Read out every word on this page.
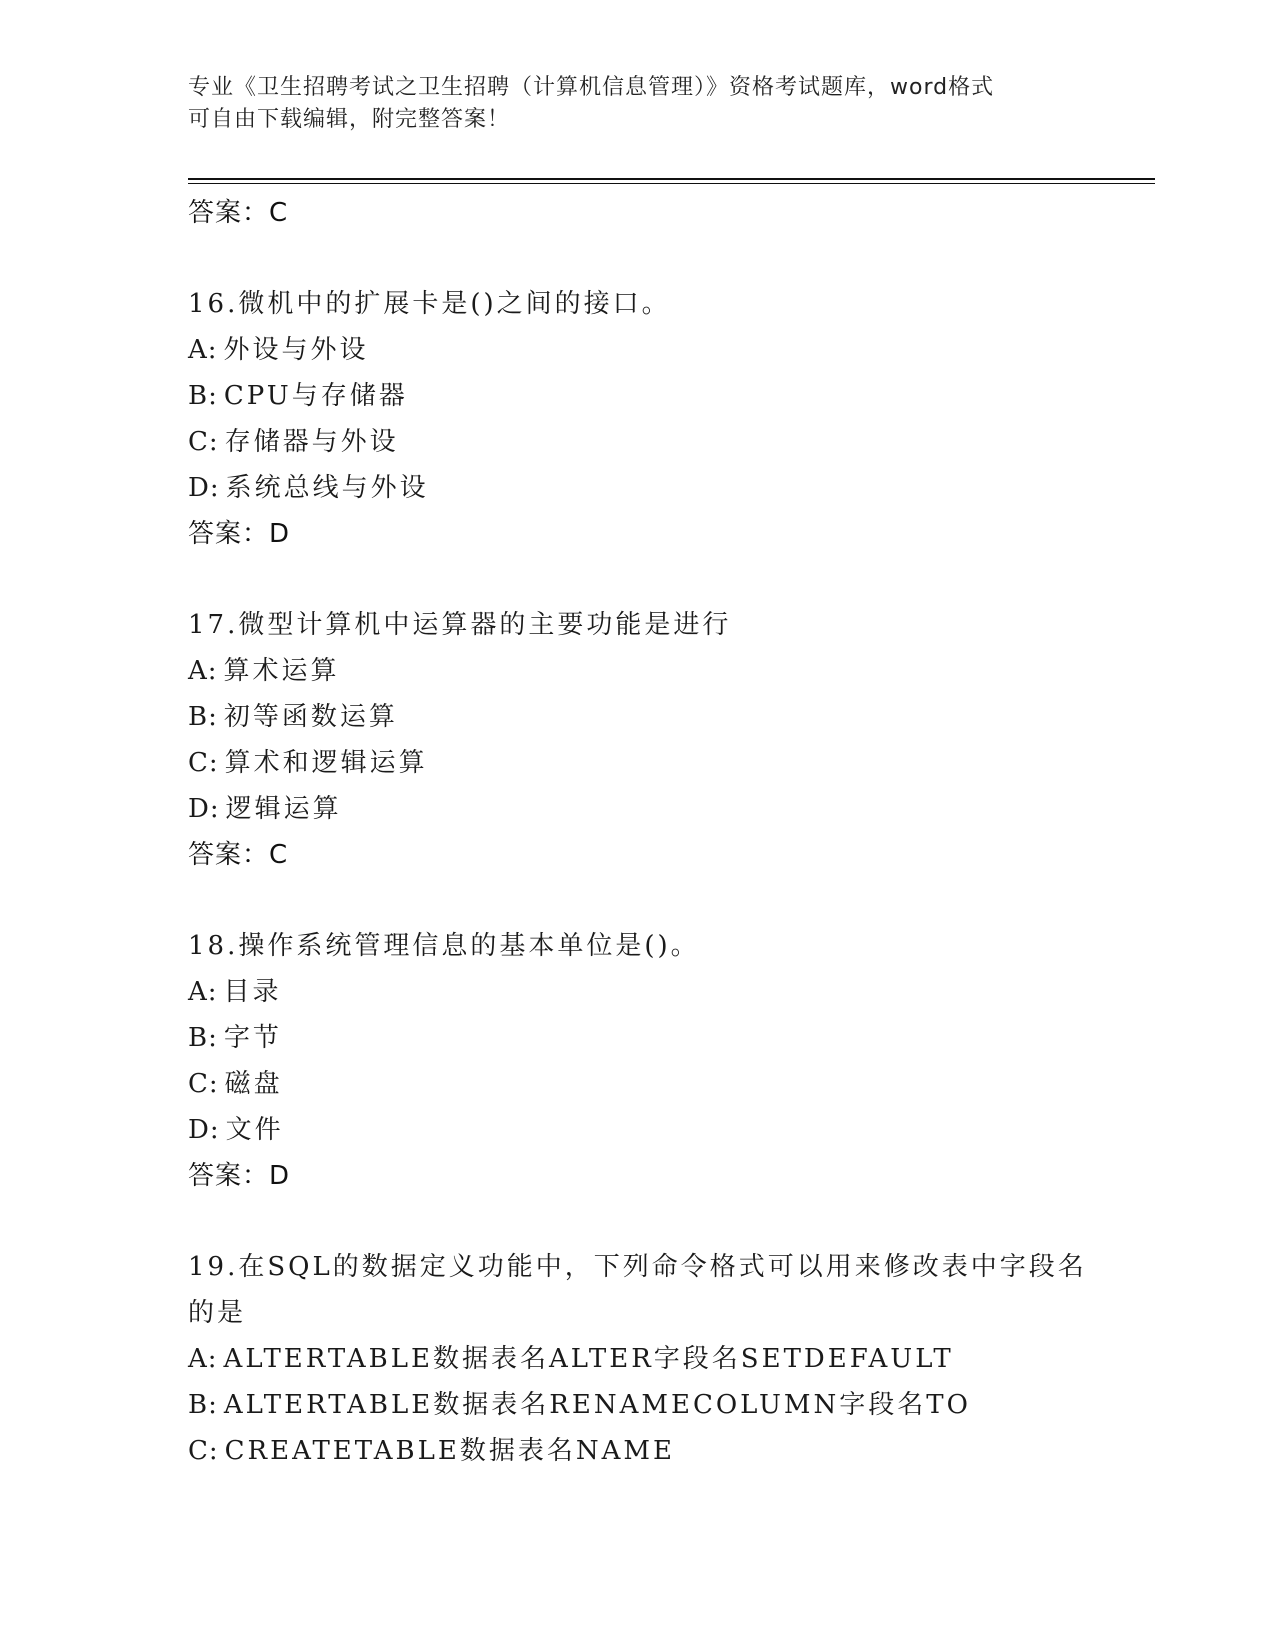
专业《卫生招聘考试之卫生招聘（计算机信息管理）》资格考试题库，word格式
可自由下载编辑，附完整答案！
答案：C
16.微机中的扩展卡是()之间的接口。
A: 外设与外设
B: CPU与存储器
C: 存储器与外设
D: 系统总线与外设
答案：D
17.微型计算机中运算器的主要功能是进行
A: 算术运算
B: 初等函数运算
C: 算术和逻辑运算
D: 逻辑运算
答案：C
18.操作系统管理信息的基本单位是()。
A: 目录
B: 字节
C: 磁盘
D: 文件
答案：D
19.在SQL的数据定义功能中，下列命令格式可以用来修改表中字段名
的是
A: ALTERTABLE数据表名ALTER字段名SETDEFAULT
B: ALTERTABLE数据表名RENAMECOLUMN字段名TO
C: CREATETABLE数据表名NAME
